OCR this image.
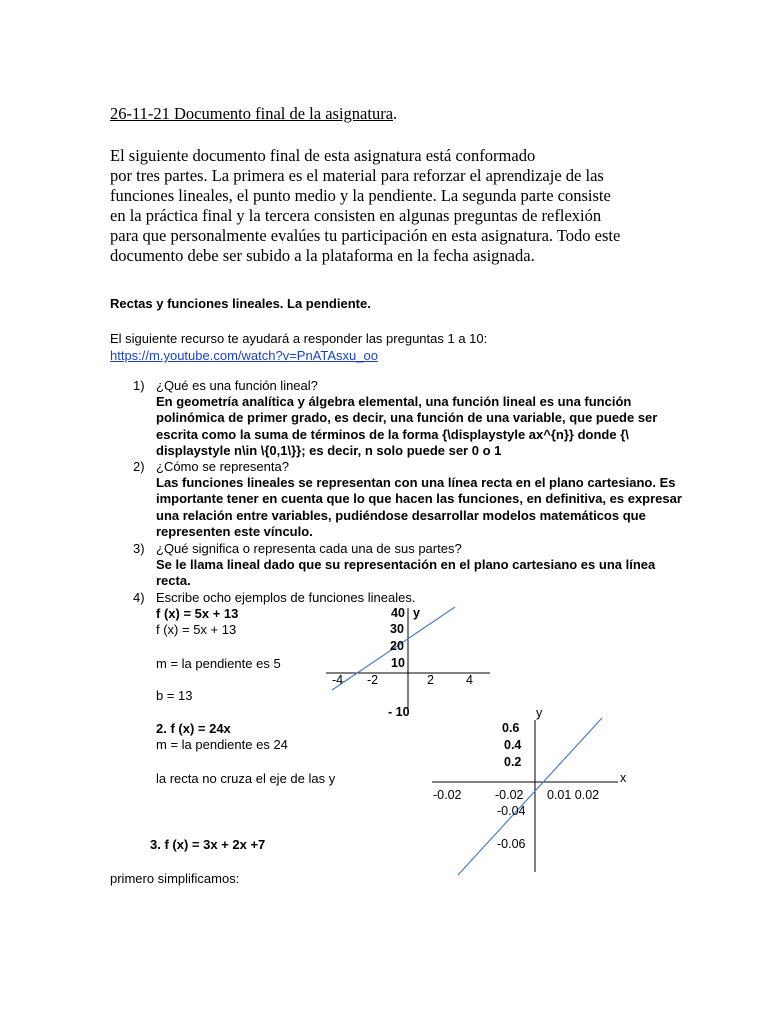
26-11-21 Documento final de la asignatura.
El siguiente documento final de esta asignatura está conformado
por tres partes. La primera es el material para reforzar el aprendizaje de las
funciones lineales, el punto medio y la pendiente. La segunda parte consiste
en la práctica final y la tercera consisten en algunas preguntas de reflexión
para que personalmente evalúes tu participación en esta asignatura. Todo este
documento debe ser subido a la plataforma en la fecha asignada.
Rectas y funciones lineales. La pendiente.
El siguiente recurso te ayudará a responder las preguntas 1 a 10:
https://m.youtube.com/watch?v=PnATAsxu_oo
1) ¿Qué es una función lineal?
En geometría analítica y álgebra elemental, una función lineal es una función
polinómica de primer grado, es decir, una función de una variable, que puede ser
escrita como la suma de términos de la forma {\displaystyle ax^{n}} donde {\
displaystyle n\in \{0,1\}}; es decir, n solo puede ser 0 o 1
2) ¿Cómo se representa?
Las funciones lineales se representan con una línea recta en el plano cartesiano. Es
importante tener en cuenta que lo que hacen las funciones, en definitiva, es expresar
una relación entre variables, pudiéndose desarrollar modelos matemáticos que
representen este vínculo.
3) ¿Qué significa o representa cada una de sus partes?
Se le llama lineal dado que su representación en el plano cartesiano es una línea
recta.
4) Escribe ocho ejemplos de funciones lineales.
f (x) = 5x + 13
f (x) = 5x + 13
m = la pendiente es 5
b = 13
40 y
30
20
10
-4 -2	2	4
- 10
2. f (x) = 24x
m = la pendiente es 24
la recta no cruza el eje de las y
y
0.6
0.4
0.2
x
-0.02	-0.02 0.01 0.02
-0.04
-0.06
3. f (x) = 3x + 2x +7
primero simplificamos:
